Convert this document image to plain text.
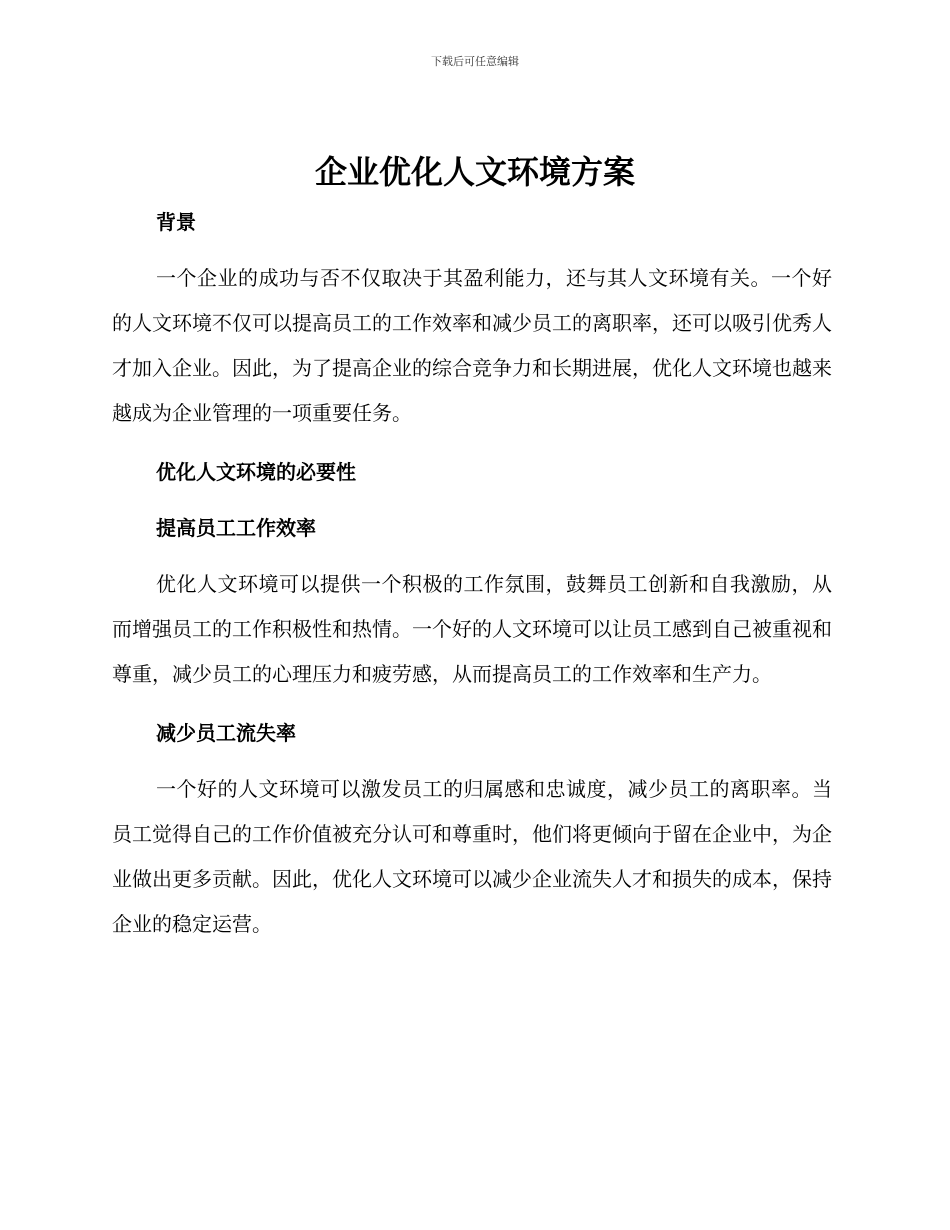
下载后可任意编辑
企业优化人文环境方案
背景

一个企业的成功与否不仅取决于其盈利能力，还与其人文环境有关。一个好的人文环境不仅可以提高员工的工作效率和减少员工的离职率，还可以吸引优秀人才加入企业。因此，为了提高企业的综合竞争力和长期进展，优化人文环境也越来越成为企业管理的一项重要任务。

优化人文环境的必要性
提高员工工作效率

优化人文环境可以提供一个积极的工作氛围，鼓舞员工创新和自我激励，从而增强员工的工作积极性和热情。一个好的人文环境可以让员工感到自己被重视和尊重，减少员工的心理压力和疲劳感，从而提高员工的工作效率和生产力。

减少员工流失率

一个好的人文环境可以激发员工的归属感和忠诚度，减少员工的离职率。当员工觉得自己的工作价值被充分认可和尊重时，他们将更倾向于留在企业中，为企业做出更多贡献。因此，优化人文环境可以减少企业流失人才和损失的成本，保持企业的稳定运营。
